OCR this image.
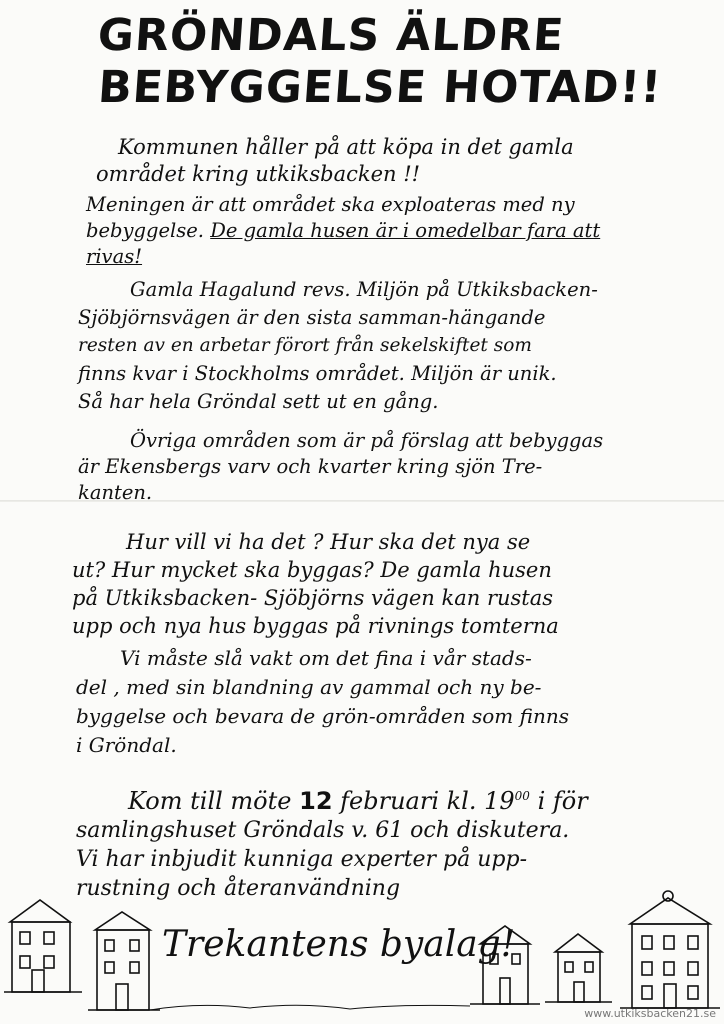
GRÖNDALS ÄLDRE
BEBYGGELSE HOTAD!!
Kommunen håller på att köpa in det gamla
området kring utkiksbacken !!
Meningen är att området ska exploateras med ny
bebyggelse. De gamla husen är i omedelbar fara att
rivas!
Gamla Hagalund revs. Miljön på Utkiksbacken-
Sjöbjörnsvägen är den sista samman-hängande
resten av en arbetar förort från sekelskiftet som
finns kvar i Stockholms området. Miljön är unik.
Så har hela Gröndal sett ut en gång.
Övriga områden som är på förslag att bebyggas
är Ekensbergs varv och kvarter kring sjön Tre-
kanten.
Hur vill vi ha det ? Hur ska det nya se
ut? Hur mycket ska byggas? De gamla husen
på Utkiksbacken- Sjöbjörns vägen kan rustas
upp och nya hus byggas på rivnings tomterna
Vi måste slå vakt om det fina i vår stads-
del , med sin blandning av gammal och ny be-
byggelse och bevara de grön-områden som finns
i Gröndal.
Kom till möte 12 februari kl. $19^{00}$ i för
samlingshuset Gröndals v. 61 och diskutera.
Vi har inbjudit kunniga experter på upp-
rustning och återanvändning
Trekantens byalag!
www.utkiksbacken21.se
